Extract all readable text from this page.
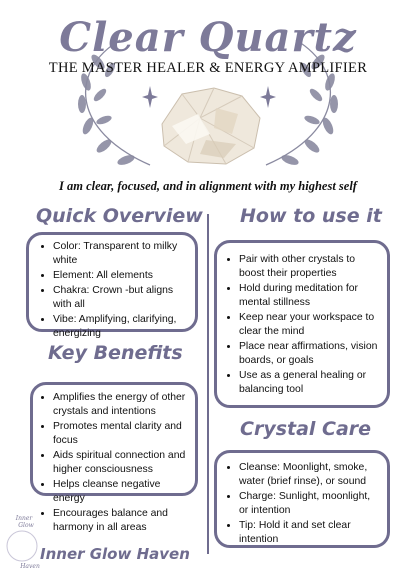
Clear Quartz
THE MASTER HEALER & ENERGY AMPLIFIER
I am clear, focused, and in alignment with my highest self
Quick Overview
• Color: Transparent to milky white
• Element: All elements
• Chakra: Crown -but aligns with all
• Vibe: Amplifying, clarifying, energizing
Key Benefits
• Amplifies the energy of other crystals and intentions
• Promotes mental clarity and focus
• Aids spiritual connection and higher consciousness
• Helps cleanse negative energy
• Encourages balance and harmony in all areas
How to use it
• Pair with other crystals to boost their properties
• Hold during meditation for mental stillness
• Keep near your workspace to clear the mind
• Place near affirmations, vision boards, or goals
• Use as a general healing or balancing tool
Crystal Care
• Cleanse: Moonlight, smoke, water (brief rinse), or sound
• Charge: Sunlight, moonlight, or intention
• Tip: Hold it and set clear intention
Inner
Glow
Haven
Inner Glow Haven
